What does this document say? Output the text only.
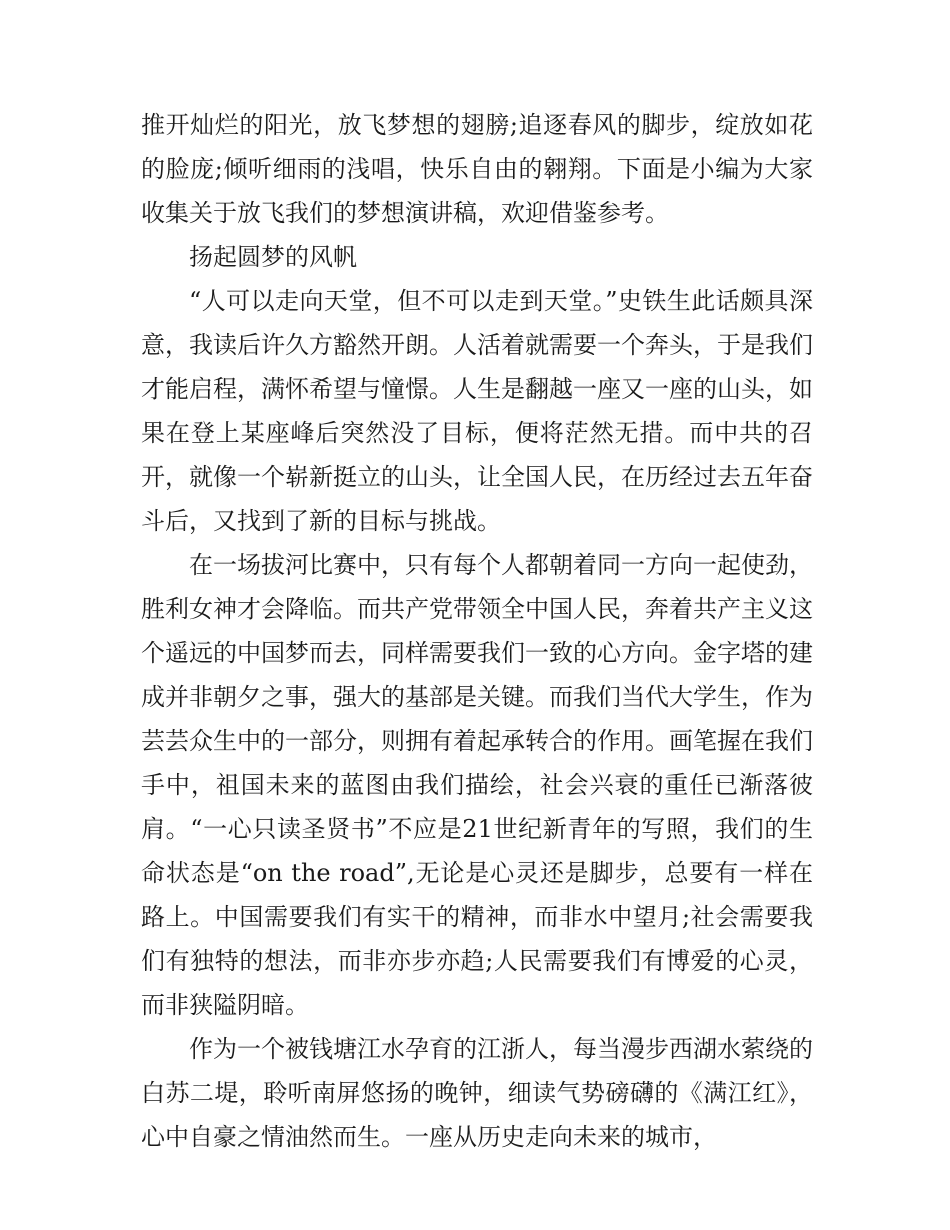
推开灿烂的阳光，放飞梦想的翅膀;追逐春风的脚步，绽放如花的脸庞;倾听细雨的浅唱，快乐自由的翱翔。下面是小编为大家收集关于放飞我们的梦想演讲稿，欢迎借鉴参考。

扬起圆梦的风帆

“人可以走向天堂，但不可以走到天堂。”史铁生此话颇具深意，我读后许久方豁然开朗。人活着就需要一个奔头，于是我们才能启程，满怀希望与憧憬。人生是翻越一座又一座的山头，如果在登上某座峰后突然没了目标，便将茫然无措。而中共的召开，就像一个崭新挺立的山头，让全国人民，在历经过去五年奋斗后，又找到了新的目标与挑战。

在一场拔河比赛中，只有每个人都朝着同一方向一起使劲，胜利女神才会降临。而共产党带领全中国人民，奔着共产主义这个遥远的中国梦而去，同样需要我们一致的心方向。金字塔的建成并非朝夕之事，强大的基部是关键。而我们当代大学生，作为芸芸众生中的一部分，则拥有着起承转合的作用。画笔握在我们手中，祖国未来的蓝图由我们描绘，社会兴衰的重任已渐落彼肩。“一心只读圣贤书”不应是21世纪新青年的写照，我们的生命状态是“on the road”,无论是心灵还是脚步，总要有一样在路上。中国需要我们有实干的精神，而非水中望月;社会需要我们有独特的想法，而非亦步亦趋;人民需要我们有博爱的心灵，而非狭隘阴暗。

作为一个被钱塘江水孕育的江浙人，每当漫步西湖水萦绕的白苏二堤，聆听南屏悠扬的晚钟，细读气势磅礴的《满江红》，心中自豪之情油然而生。一座从历史走向未来的城市，
